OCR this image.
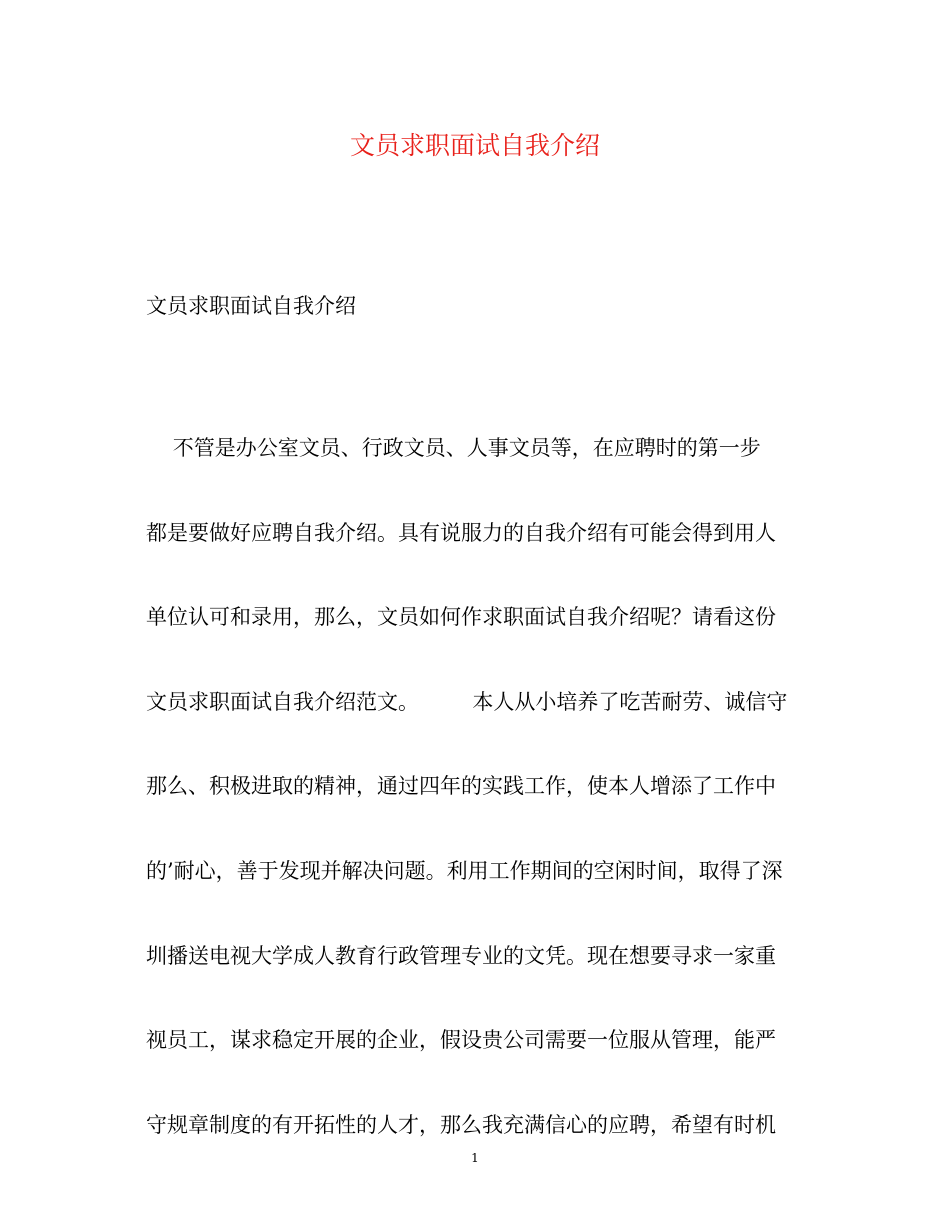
文员求职面试自我介绍

文员求职面试自我介绍

不管是办公室文员、行政文员、人事文员等，在应聘时的第一步
都是要做好应聘自我介绍。具有说服力的自我介绍有可能会得到用人
单位认可和录用，那么，文员如何作求职面试自我介绍呢？请看这份
文员求职面试自我介绍范文。        本人从小培养了吃苦耐劳、诚信守
那么、积极进取的精神，通过四年的实践工作，使本人增添了工作中
的’耐心，善于发现并解决问题。利用工作期间的空闲时间，取得了深
圳播送电视大学成人教育行政管理专业的文凭。现在想要寻求一家重
视员工，谋求稳定开展的企业，假设贵公司需要一位服从管理，能严
守规章制度的有开拓性的人才，那么我充满信心的应聘，希望有时机
1
